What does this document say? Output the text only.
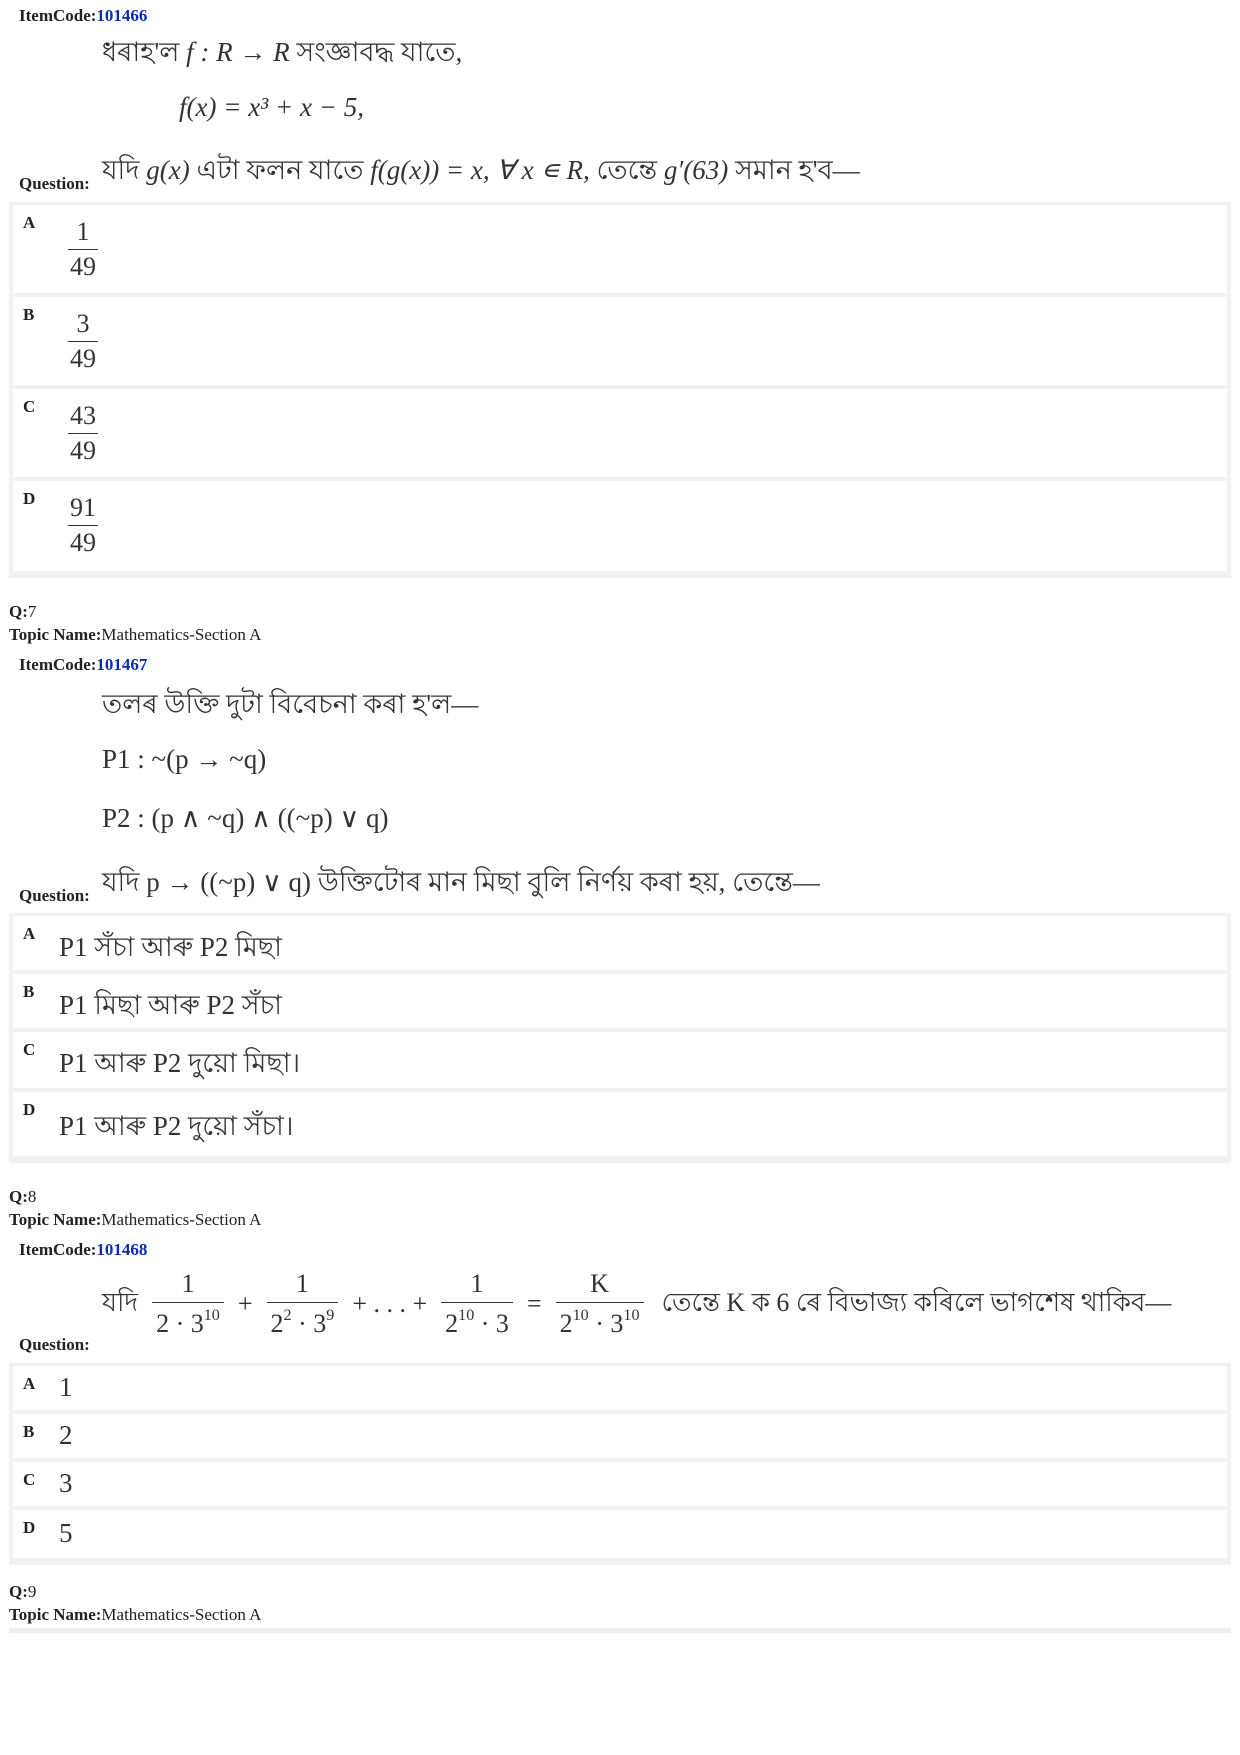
ItemCode:101466
ধৰাহ'ল f : R → R সংজ্ঞাবদ্ধ যাতে,
f(x) = x³ + x − 5,
যদি g(x) এটা ফলন যাতে f(g(x)) = x, ∀ x ∊ R, তেন্তে g′(63) সমান হ'ব—
Question:
A $\frac{1}{49}$
B $\frac{3}{49}$
C $\frac{43}{49}$
D $\frac{91}{49}$
Q:7
Topic Name:Mathematics-Section A
ItemCode:101467
তলৰ উক্তি দুটা বিবেচনা কৰা হ'ল—
P1 : ~(p → ~q)
P2 : (p ∧ ~q) ∧ ((~p) ∨ q)
যদি p → ((~p) ∨ q) উক্তিটোৰ মান মিছা বুলি নিৰ্ণয় কৰা হয়, তেন্তে—
Question:
A P1 সঁচা আৰু P2 মিছা
B P1 মিছা আৰু P2 সঁচা
C P1 আৰু P2 দুয়ো মিছা।
D
P1 আৰু P2 দুয়ো সঁচা।
Q:8
Topic Name:Mathematics-Section A
ItemCode:101468
যদি $\frac{1}{2 \cdot 3^{10}} + \frac{1}{2^2 \cdot 3^9}$ + . . . + $\frac{1}{2^{10} \cdot 3} = \frac{K}{2^{10} \cdot 3^{10}}$ তেন্তে K ক 6 ৰে বিভাজ্য কৰিলে ভাগশেষ থাকিব—
Question:
A 1
B 2
C 3
D 5
Q:9
Topic Name:Mathematics-Section A
